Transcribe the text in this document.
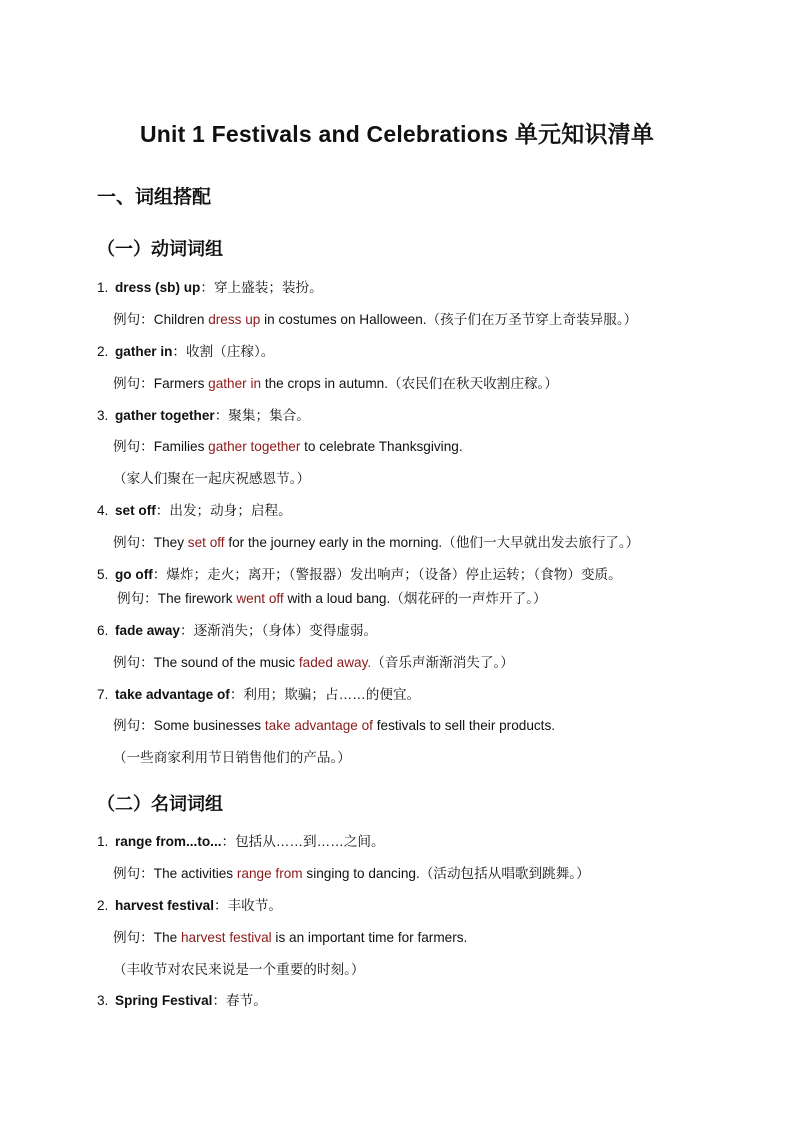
Unit 1 Festivals and Celebrations 单元知识清单
一、词组搭配
（一）动词词组
1. dress (sb) up：穿上盛装；装扮。
例句：Children dress up in costumes on Halloween.（孩子们在万圣节穿上奇装异服。）
2. gather in：收割（庄稼）。
例句：Farmers gather in the crops in autumn.（农民们在秋天收割庄稼。）
3. gather together：聚集；集合。
例句：Families gather together to celebrate Thanksgiving.
（家人们聚在一起庆祝感恩节。）
4. set off：出发；动身；启程。
例句：They set off for the journey early in the morning.（他们一大早就出发去旅行了。）
5. go off：爆炸；走火；离开；（警报器）发出响声；（设备）停止运转；（食物）变质。
例句：The firework went off with a loud bang.（烟花砰的一声炸开了。）
6. fade away：逐渐消失；（身体）变得虚弱。
例句：The sound of the music faded away.（音乐声渐渐消失了。）
7. take advantage of：利用；欺骗；占……的便宜。
例句：Some businesses take advantage of festivals to sell their products.
（一些商家利用节日销售他们的产品。）
（二）名词词组
1. range from...to...：包括从……到……之间。
例句：The activities range from singing to dancing.（活动包括从唱歌到跳舞。）
2. harvest festival：丰收节。
例句：The harvest festival is an important time for farmers.
（丰收节对农民来说是一个重要的时刻。）
3. Spring Festival：春节。
